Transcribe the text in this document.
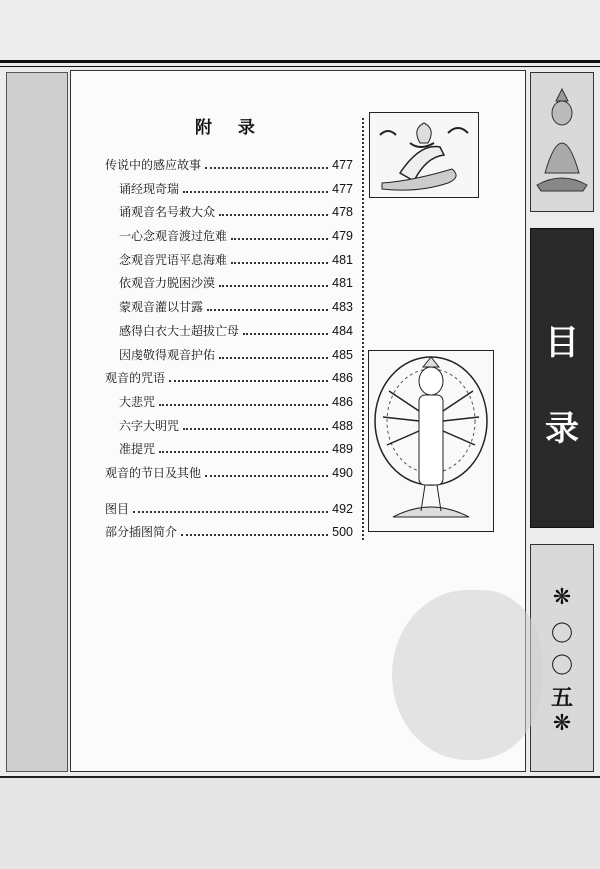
附 录
传说中的感应故事	477
诵经现奇瑞	477
诵观音名号救大众	478
一心念观音渡过危难	479
念观音咒语平息海难	481
依观音力脱困沙漠	481
蒙观音灌以甘露	483
感得白衣大士超拔亡母	484
因虔敬得观音护佑	485
观音的咒语	486
大悲咒	486
六字大明咒	488
准提咒	489
观音的节日及其他	490
图目	492
部分插图简介	500
目
录
❋
〇
〇
五
❋
